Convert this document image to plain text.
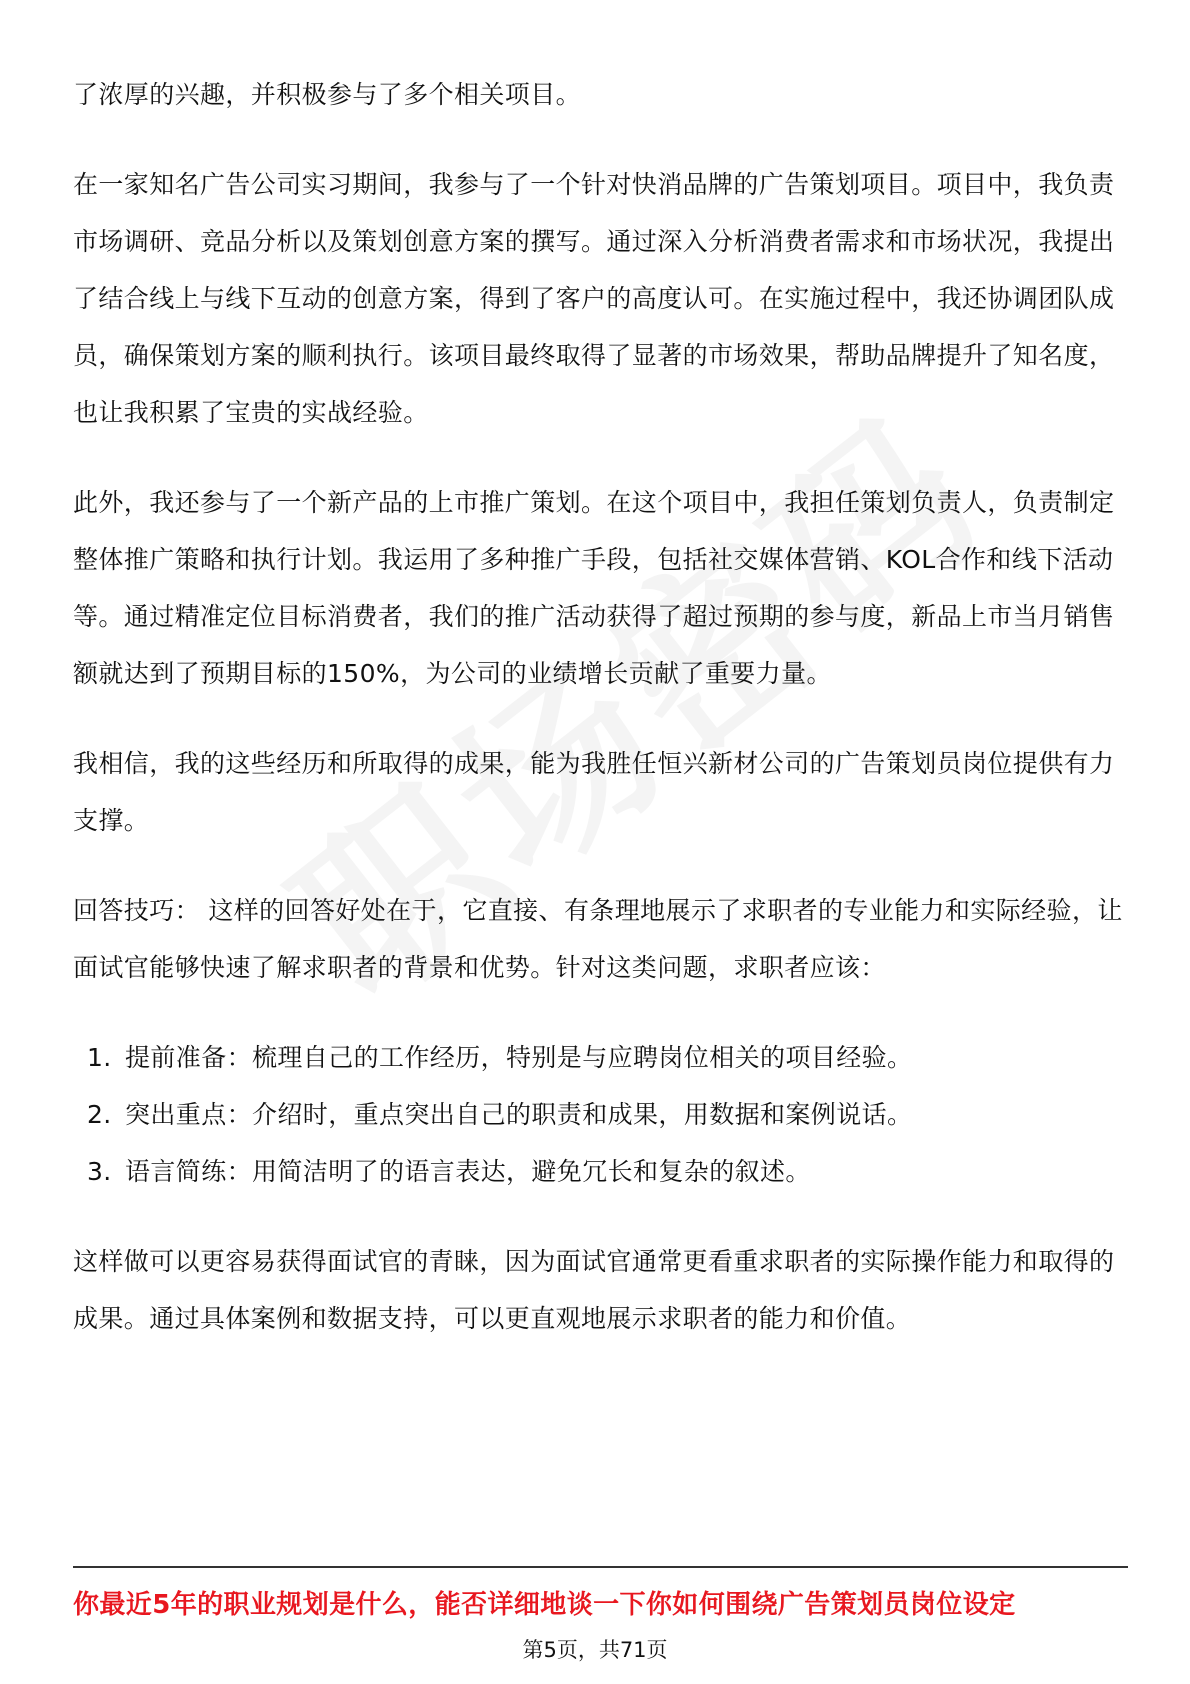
了浓厚的兴趣，并积极参与了多个相关项目。

在一家知名广告公司实习期间，我参与了一个针对快消品牌的广告策划项目。项目中，我负责市场调研、竞品分析以及策划创意方案的撰写。通过深入分析消费者需求和市场状况，我提出了结合线上与线下互动的创意方案，得到了客户的高度认可。在实施过程中，我还协调团队成员，确保策划方案的顺利执行。该项目最终取得了显著的市场效果，帮助品牌提升了知名度，也让我积累了宝贵的实战经验。

此外，我还参与了一个新产品的上市推广策划。在这个项目中，我担任策划负责人，负责制定整体推广策略和执行计划。我运用了多种推广手段，包括社交媒体营销、KOL合作和线下活动等。通过精准定位目标消费者，我们的推广活动获得了超过预期的参与度，新品上市当月销售额就达到了预期目标的150%，为公司的业绩增长贡献了重要力量。

我相信，我的这些经历和所取得的成果，能为我胜任恒兴新材公司的广告策划员岗位提供有力支撑。

回答技巧： 这样的回答好处在于，它直接、有条理地展示了求职者的专业能力和实际经验，让面试官能够快速了解求职者的背景和优势。针对这类问题，求职者应该：

1. 提前准备：梳理自己的工作经历，特别是与应聘岗位相关的项目经验。
2. 突出重点：介绍时，重点突出自己的职责和成果，用数据和案例说话。
3. 语言简练：用简洁明了的语言表达，避免冗长和复杂的叙述。

这样做可以更容易获得面试官的青睐，因为面试官通常更看重求职者的实际操作能力和取得的成果。通过具体案例和数据支持，可以更直观地展示求职者的能力和价值。

你最近5年的职业规划是什么，能否详细地谈一下你如何围绕广告策划员岗位设定
第5页，共71页
